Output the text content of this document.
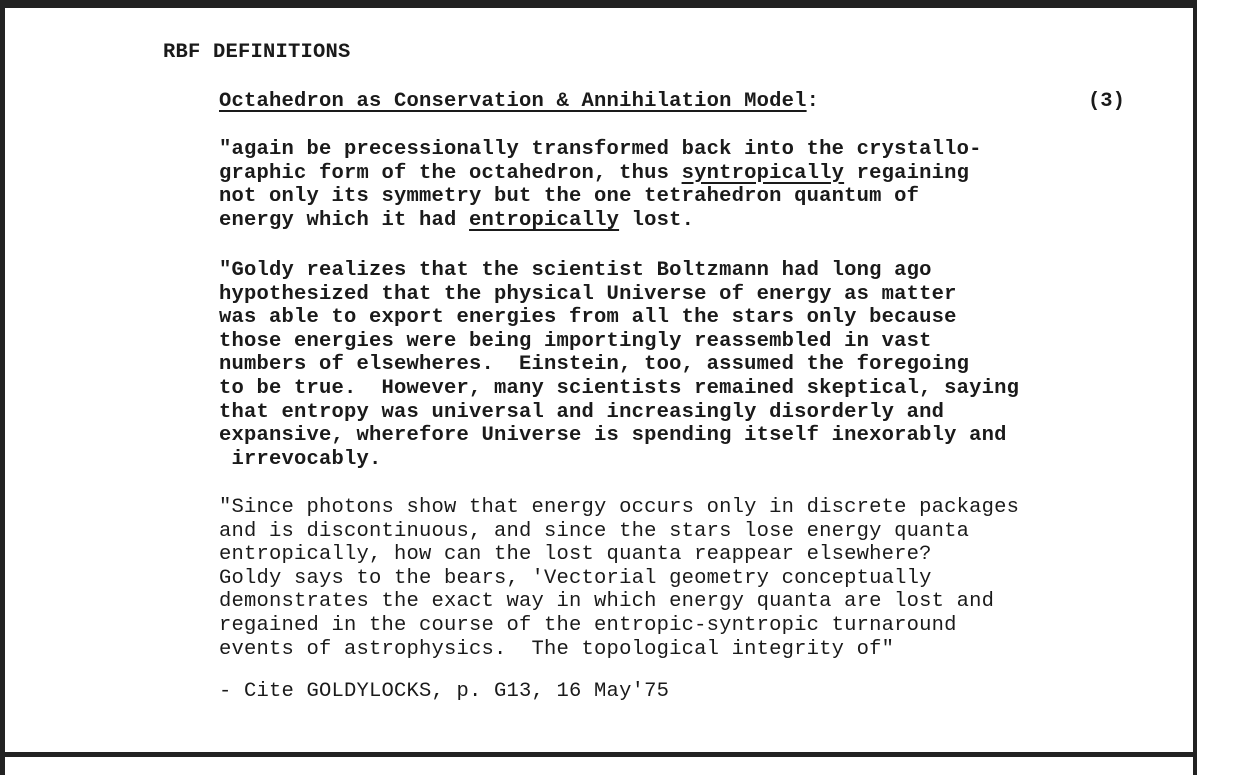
RBF DEFINITIONS
Octahedron as Conservation & Annihilation Model:	(3)
"again be precessionally transformed back into the crystallo-
graphic form of the octahedron, thus syntropically regaining
not only its symmetry but the one tetrahedron quantum of
energy which it had entropically lost.
"Goldy realizes that the scientist Boltzmann had long ago
hypothesized that the physical Universe of energy as matter
was able to export energies from all the stars only because
those energies were being importingly reassembled in vast
numbers of elsewheres.  Einstein, too, assumed the foregoing
to be true.  However, many scientists remained skeptical, saying
that entropy was universal and increasingly disorderly and
expansive, wherefore Universe is spending itself inexorably and
irrevocably.
"Since photons show that energy occurs only in discrete packages
and is discontinuous, and since the stars lose energy quanta
entropically, how can the lost quanta reappear elsewhere?
Goldy says to the bears, 'Vectorial geometry conceptually
demonstrates the exact way in which energy quanta are lost and
regained in the course of the entropic-syntropic turnaround
events of astrophysics.  The topological integrity of"
- Cite GOLDYLOCKS, p. G13, 16 May'75
